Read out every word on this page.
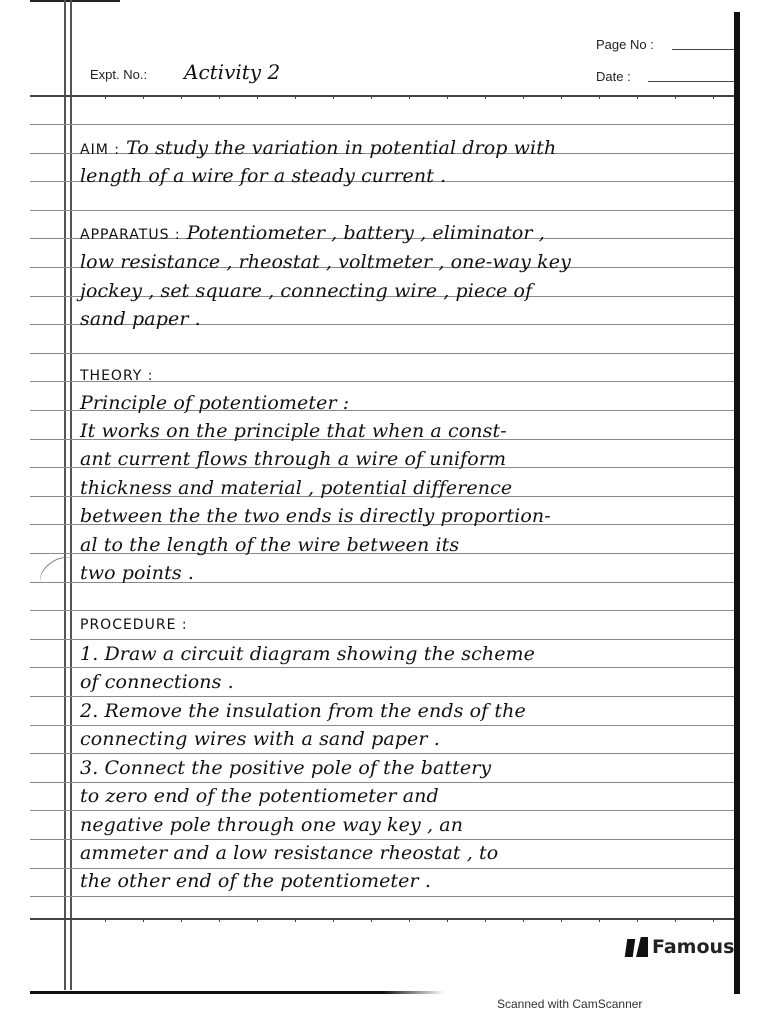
Page No :
Expt. No.: Activity 2	Date :
AIM : To study the variation in potential drop with
length of a wire for a steady current .
APPARATUS : Potentiometer , battery , eliminator ,
low resistance , rheostat , voltmeter , one-way key
jockey , set square , connecting wire , piece of
sand paper .
THEORY :
Principle of potentiometer :
It works on the principle that when a const-
ant current flows through a wire of uniform
thickness and material , potential difference
between the the two ends is directly proportion-
al to the length of the wire between its
two points .
PROCEDURE :
1. Draw a circuit diagram showing the scheme
of connections .
2. Remove the insulation from the ends of the
connecting wires with a sand paper .
3. Connect the positive pole of the battery
to zero end of the potentiometer and
negative pole through one way key , an
ammeter and a low resistance rheostat , to
the other end of the potentiometer .
Famous
Scanned with CamScanner
